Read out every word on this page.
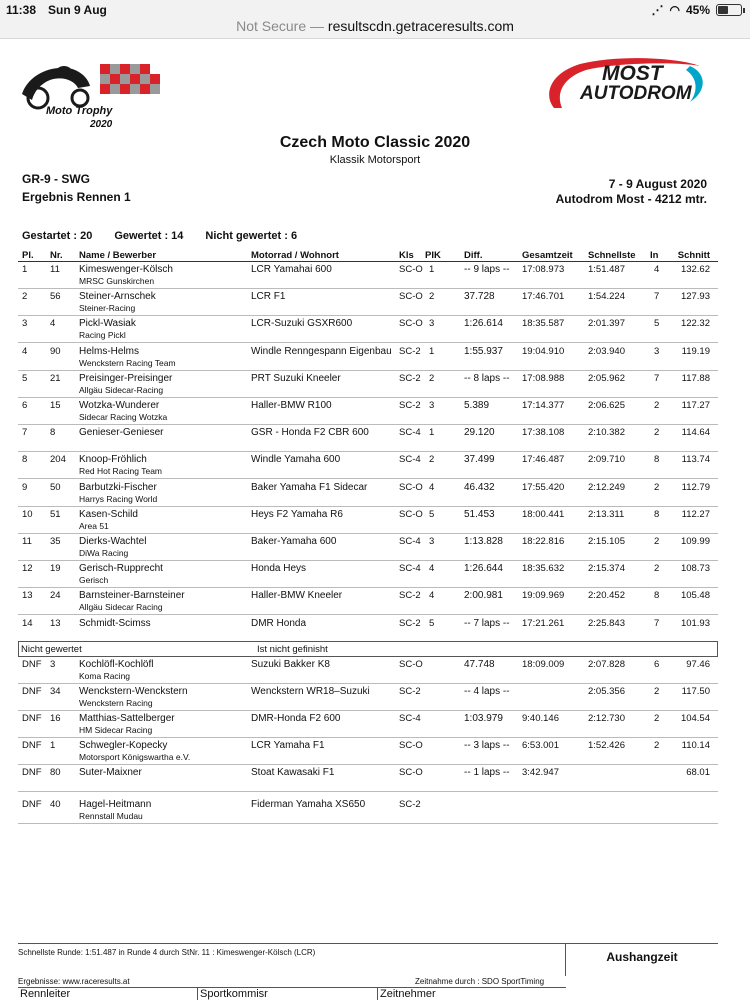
11:38 Sun 9 Aug	⋰ ◠ 45%
Not Secure — resultscdn.getraceresults.com
Moto Trophy
2020
MOST
AUTODROM
Czech Moto Classic 2020
Klassik Motorsport
GR-9 - SWG
Ergebnis Rennen 1
7 - 9 August 2020
Autodrom Most - 4212 mtr.
Gestartet : 20 Gewertet : 14 Nicht gewertet : 6
Pl. Nr. Name / Bewerber	Motorrad / Wohnort	Kls PIK Diff.	Gesamtzeit Schnellste In Schnitt
1 11 Kimeswenger-Kölsch
MRSC Gunskirchen
LCR Yamahai 600	SC-O 1	-- 9 laps -- 17:08.973 1:51.487	4 132.62
2 56 Steiner-Arnschek
Steiner-Racing
LCR F1	SC-O 2	37.728	17:46.701 1:54.224	7 127.93
3 4 Pickl-Wasiak
Racing Pickl
LCR-Suzuki GSXR600	SC-O 3	1:26.614 18:35.587 2:01.397	5 122.32
4 90 Helms-Helms
Wenckstern Racing Team
Windle Renngespann Eigenbau SC-2 1	1:55.937 19:04.910 2:03.940	3 119.19
5 21 Preisinger-Preisinger
Allgäu Sidecar-Racing
PRT Suzuki Kneeler	SC-2 2	-- 8 laps -- 17:08.988 2:05.962	7 117.88
6 15 Wotzka-Wunderer
Sidecar Racing Wotzka
Haller-BMW R100	SC-2 3	5.389	17:14.377 2:06.625	2 117.27
7 8 Genieser-Genieser	GSR - Honda F2 CBR 600	SC-4 1	29.120	17:38.108 2:10.382	2 114.64
8 204 Knoop-Fröhlich
Red Hot Racing Team
Windle Yamaha 600	SC-4 2	37.499	17:46.487 2:09.710	8 113.74
9 50 Barbutzki-Fischer
Harrys Racing World
Baker Yamaha F1 Sidecar	SC-O 4	46.432	17:55.420 2:12.249	2 112.79
10 51 Kasen-Schild
Area 51
Heys F2 Yamaha R6	SC-O 5	51.453	18:00.441 2:13.311	8 112.27
11 35 Dierks-Wachtel
DiWa Racing
Baker-Yamaha 600	SC-4 3	1:13.828 18:22.816 2:15.105	2 109.99
12 19 Gerisch-Rupprecht
Gerisch
Honda Heys	SC-4 4	1:26.644 18:35.632 2:15.374	2 108.73
13 24 Barnsteiner-Barnsteiner
Allgäu Sidecar Racing
Haller-BMW Kneeler	SC-2 4	2:00.981 19:09.969 2:20.452	8 105.48
14 13 Schmidt-Scimss	DMR Honda	SC-2 5	-- 7 laps -- 17:21.261 2:25.843	7 101.93
Nicht gewertet	Ist nicht gefinisht
DNF 3 Kochlöfl-Kochlöfl
Koma Racing
Suzuki Bakker K8	SC-O	47.748	18:09.009 2:07.828	6	97.46
DNF 34 Wenckstern-Wenckstern
Wenckstern Racing
Wenckstern WR18–Suzuki	SC-2	-- 4 laps --	2:05.356	2 117.50
DNF 16 Matthias-Sattelberger
HM Sidecar Racing
DMR-Honda F2 600	SC-4	1:03.979 9:40.146	2:12.730	2 104.54
DNF 1 Schwegler-Kopecky
Motorsport Königswartha e.V.
LCR Yamaha F1	SC-O	-- 3 laps -- 6:53.001	1:52.426	2 110.14
DNF 80 Suter-Maixner	Stoat Kawasaki F1	SC-O	-- 1 laps -- 3:42.947	68.01
DNF 40 Hagel-Heitmann
Rennstall Mudau
Fiderman Yamaha XS650	SC-2
Schnellste Runde: 1:51.487 in Runde 4 durch StNr. 11 : Kimeswenger-Kölsch (LCR)	Aushangzeit
Ergebnisse: www.raceresults.at	Zeitnahme durch : SDO SportTiming
Rennleiter	Sportkommisr	Zeitnehmer
